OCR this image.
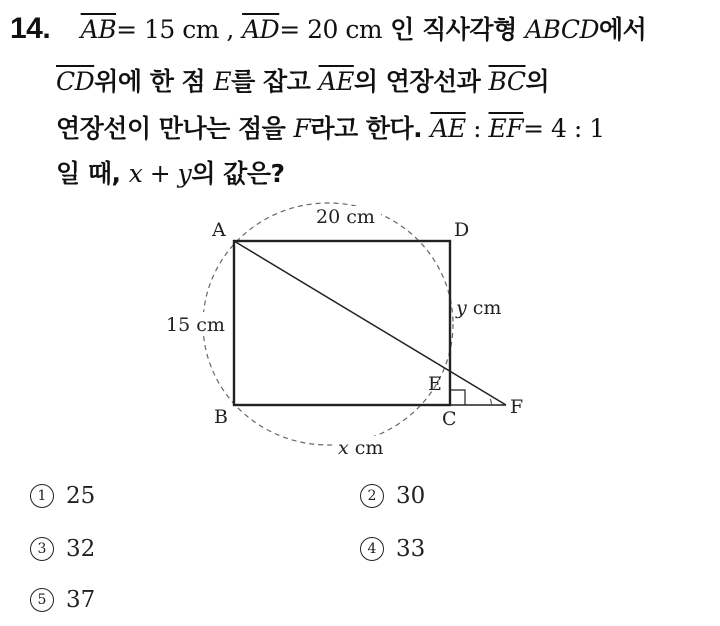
14. $\overline{AB}= 15$ cm , $\overline{AD}= 20$ cm 인 직사각형 ABCD에서
$\overline{CD}$위에 한 점 E를 잡고 $\overline{AE}$의 연장선과 $\overline{BC}$의
연장선이 만나는 점을 F라고 한다. $\overline{AE}$ : $\overline{EF}= 4$ : 1
일 때, x + y의 값은?
A	D
B	C
E
F
20 cm
15 cm
y cm
x cm
1 25	2 30
3 32	4 33
5 37
